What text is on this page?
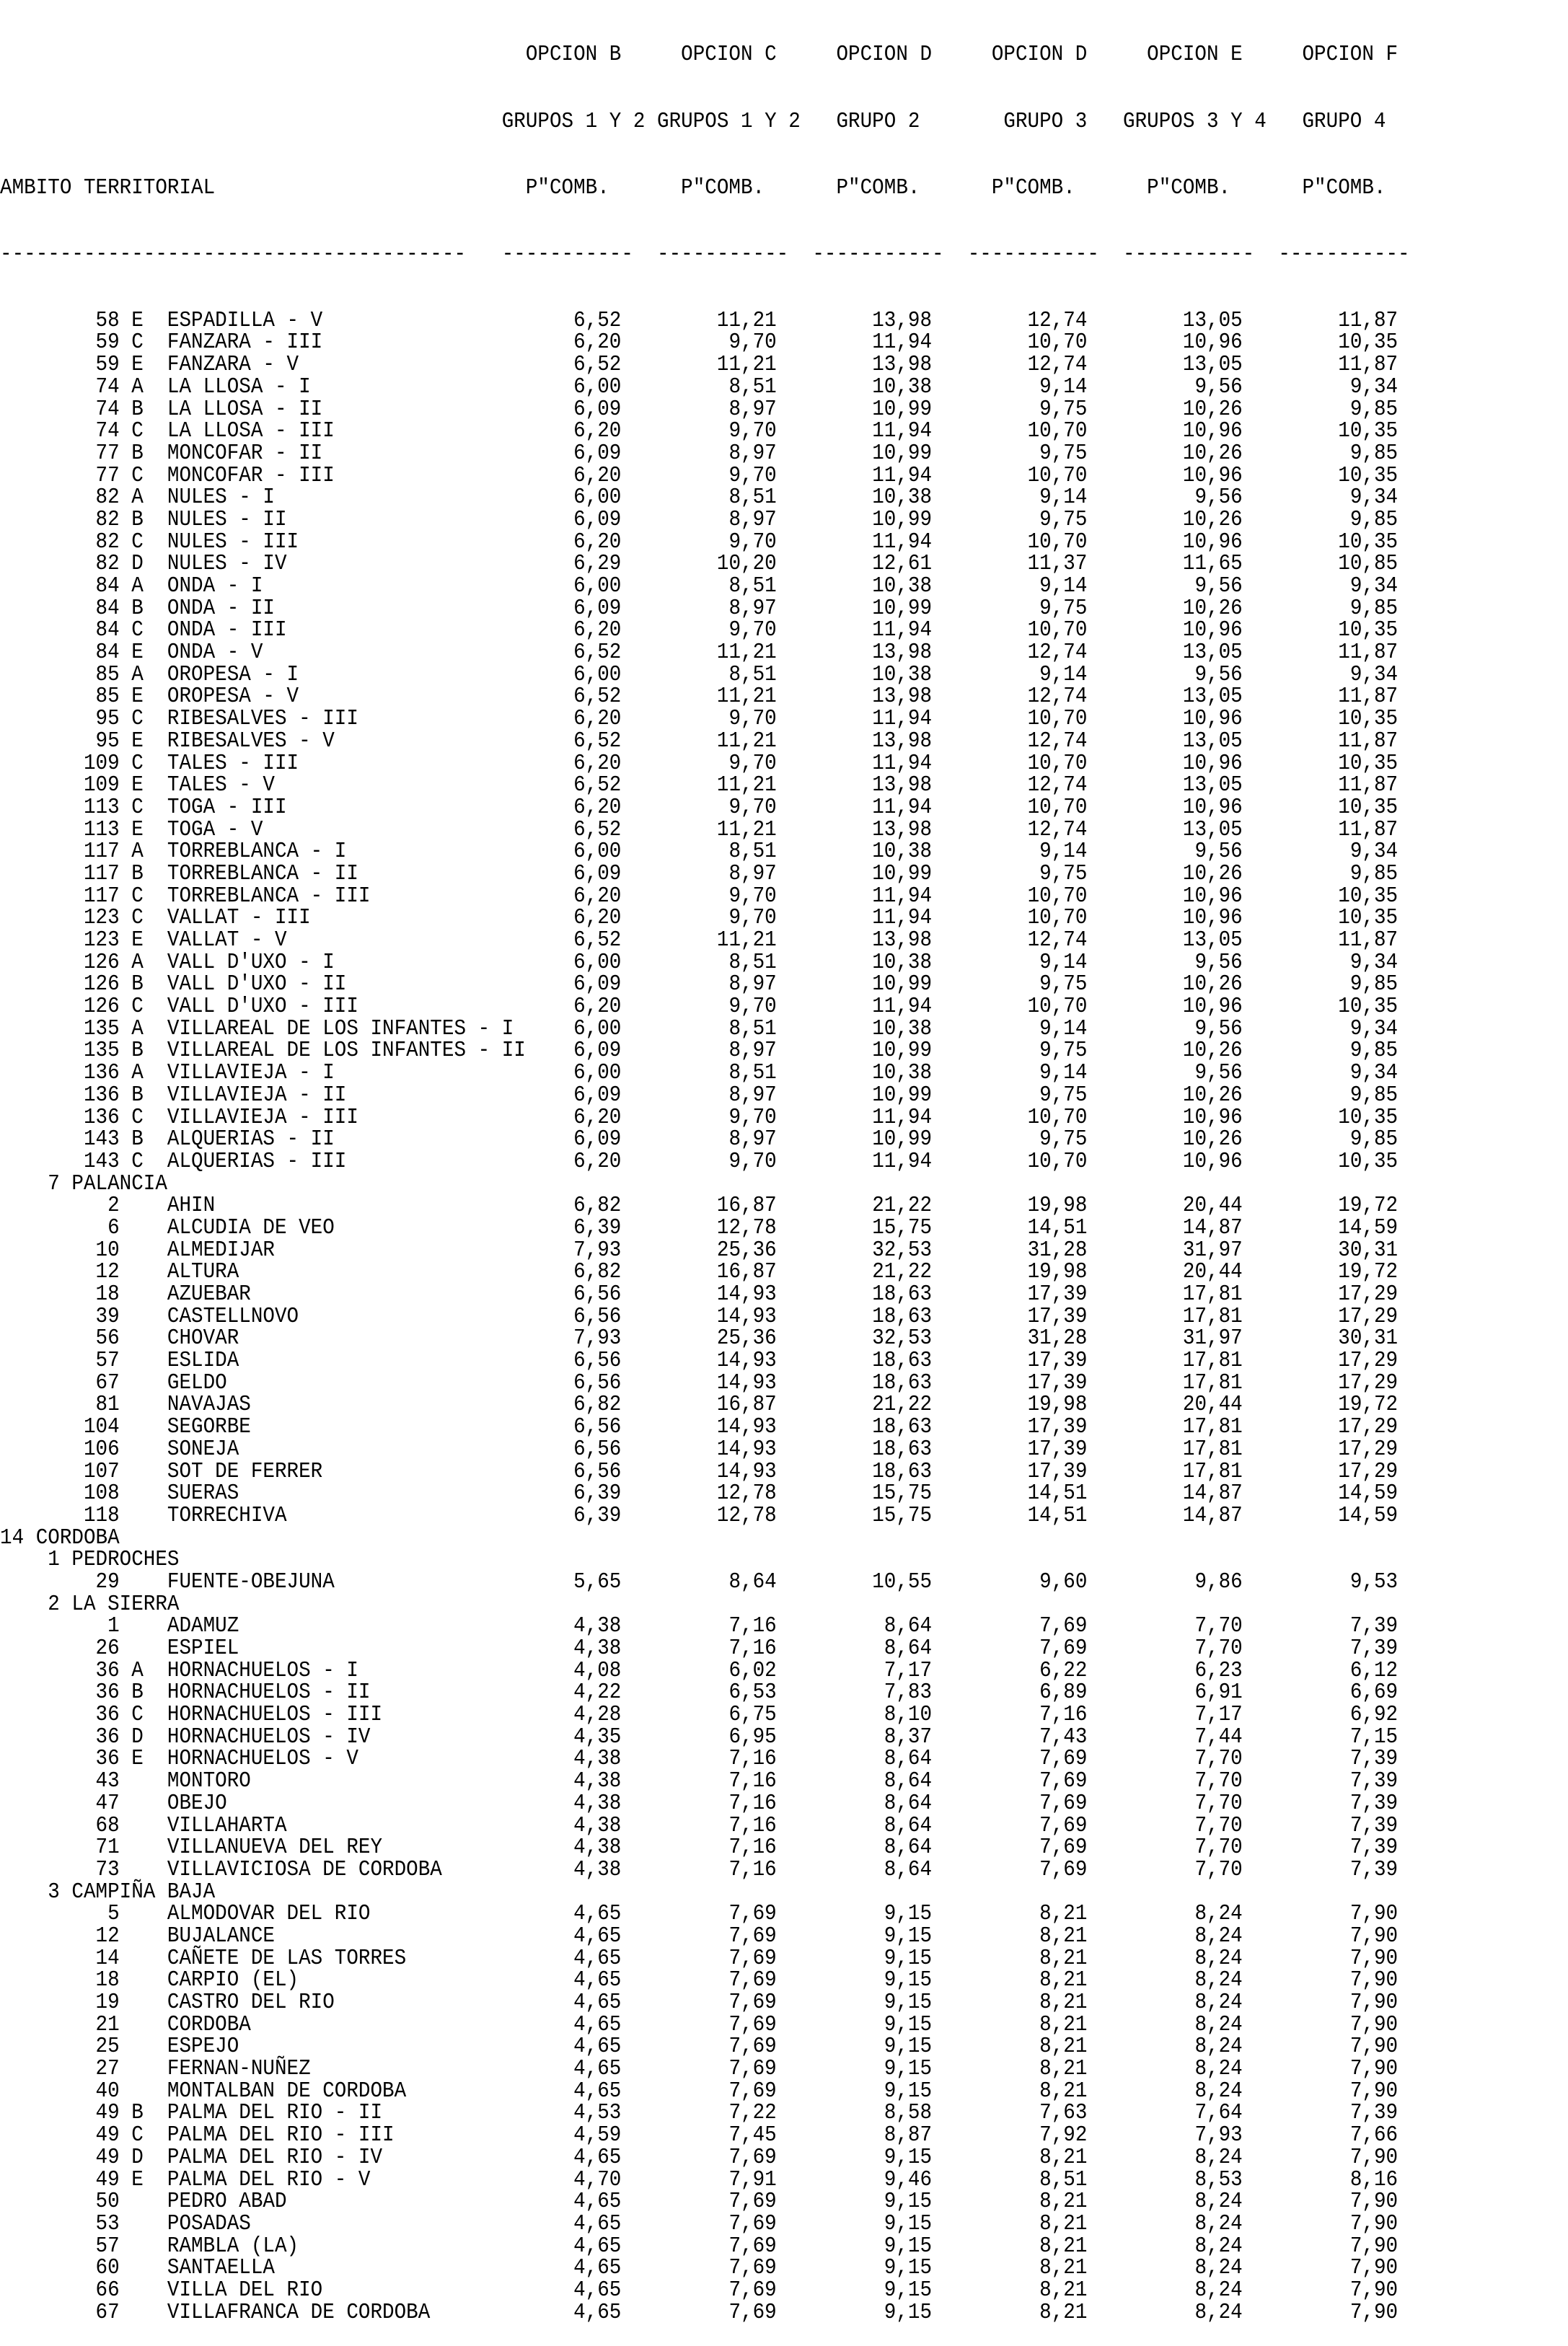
OPCION B     OPCION C     OPCION D     OPCION D     OPCION E     OPCION F

GRUPOS 1 Y 2 GRUPOS 1 Y 2   GRUPO 2       GRUPO 3   GRUPOS 3 Y 4   GRUPO 4

AMBITO TERRITORIAL                          P"COMB.      P"COMB.      P"COMB.      P"COMB.      P"COMB.      P"COMB.

---------------------------------------   -----------  -----------  -----------  -----------  -----------  -----------

58 E  ESPADILLA - V                     6,52        11,21        13,98        12,74        13,05        11,87
59 C  FANZARA - III                     6,20         9,70        11,94        10,70        10,96        10,35
59 E  FANZARA - V                       6,52        11,21        13,98        12,74        13,05        11,87
74 A  LA LLOSA - I                      6,00         8,51        10,38         9,14         9,56         9,34
74 B  LA LLOSA - II                     6,09         8,97        10,99         9,75        10,26         9,85
74 C  LA LLOSA - III                    6,20         9,70        11,94        10,70        10,96        10,35
77 B  MONCOFAR - II                     6,09         8,97        10,99         9,75        10,26         9,85
77 C  MONCOFAR - III                    6,20         9,70        11,94        10,70        10,96        10,35
82 A  NULES - I                         6,00         8,51        10,38         9,14         9,56         9,34
82 B  NULES - II                        6,09         8,97        10,99         9,75        10,26         9,85
82 C  NULES - III                       6,20         9,70        11,94        10,70        10,96        10,35
82 D  NULES - IV                        6,29        10,20        12,61        11,37        11,65        10,85
84 A  ONDA - I                          6,00         8,51        10,38         9,14         9,56         9,34
84 B  ONDA - II                         6,09         8,97        10,99         9,75        10,26         9,85
84 C  ONDA - III                        6,20         9,70        11,94        10,70        10,96        10,35
84 E  ONDA - V                          6,52        11,21        13,98        12,74        13,05        11,87
85 A  OROPESA - I                       6,00         8,51        10,38         9,14         9,56         9,34
85 E  OROPESA - V                       6,52        11,21        13,98        12,74        13,05        11,87
95 C  RIBESALVES - III                  6,20         9,70        11,94        10,70        10,96        10,35
95 E  RIBESALVES - V                    6,52        11,21        13,98        12,74        13,05        11,87
109 C  TALES - III                       6,20         9,70        11,94        10,70        10,96        10,35
109 E  TALES - V                         6,52        11,21        13,98        12,74        13,05        11,87
113 C  TOGA - III                        6,20         9,70        11,94        10,70        10,96        10,35
113 E  TOGA - V                          6,52        11,21        13,98        12,74        13,05        11,87
117 A  TORREBLANCA - I                   6,00         8,51        10,38         9,14         9,56         9,34
117 B  TORREBLANCA - II                  6,09         8,97        10,99         9,75        10,26         9,85
117 C  TORREBLANCA - III                 6,20         9,70        11,94        10,70        10,96        10,35
123 C  VALLAT - III                      6,20         9,70        11,94        10,70        10,96        10,35
123 E  VALLAT - V                        6,52        11,21        13,98        12,74        13,05        11,87
126 A  VALL D'UXO - I                    6,00         8,51        10,38         9,14         9,56         9,34
126 B  VALL D'UXO - II                   6,09         8,97        10,99         9,75        10,26         9,85
126 C  VALL D'UXO - III                  6,20         9,70        11,94        10,70        10,96        10,35
135 A  VILLAREAL DE LOS INFANTES - I     6,00         8,51        10,38         9,14         9,56         9,34
135 B  VILLAREAL DE LOS INFANTES - II    6,09         8,97        10,99         9,75        10,26         9,85
136 A  VILLAVIEJA - I                    6,00         8,51        10,38         9,14         9,56         9,34
136 B  VILLAVIEJA - II                   6,09         8,97        10,99         9,75        10,26         9,85
136 C  VILLAVIEJA - III                  6,20         9,70        11,94        10,70        10,96        10,35
143 B  ALQUERIAS - II                    6,09         8,97        10,99         9,75        10,26         9,85
143 C  ALQUERIAS - III                   6,20         9,70        11,94        10,70        10,96        10,35
7 PALANCIA
2    AHIN                              6,82        16,87        21,22        19,98        20,44        19,72
6    ALCUDIA DE VEO                    6,39        12,78        15,75        14,51        14,87        14,59
10    ALMEDIJAR                         7,93        25,36        32,53        31,28        31,97        30,31
12    ALTURA                            6,82        16,87        21,22        19,98        20,44        19,72
18    AZUEBAR                           6,56        14,93        18,63        17,39        17,81        17,29
39    CASTELLNOVO                       6,56        14,93        18,63        17,39        17,81        17,29
56    CHOVAR                            7,93        25,36        32,53        31,28        31,97        30,31
57    ESLIDA                            6,56        14,93        18,63        17,39        17,81        17,29
67    GELDO                             6,56        14,93        18,63        17,39        17,81        17,29
81    NAVAJAS                           6,82        16,87        21,22        19,98        20,44        19,72
104    SEGORBE                           6,56        14,93        18,63        17,39        17,81        17,29
106    SONEJA                            6,56        14,93        18,63        17,39        17,81        17,29
107    SOT DE FERRER                     6,56        14,93        18,63        17,39        17,81        17,29
108    SUERAS                            6,39        12,78        15,75        14,51        14,87        14,59
118    TORRECHIVA                        6,39        12,78        15,75        14,51        14,87        14,59
14 CORDOBA
1 PEDROCHES
29    FUENTE-OBEJUNA                    5,65         8,64        10,55         9,60         9,86         9,53
2 LA SIERRA
1    ADAMUZ                            4,38         7,16         8,64         7,69         7,70         7,39
26    ESPIEL                            4,38         7,16         8,64         7,69         7,70         7,39
36 A  HORNACHUELOS - I                  4,08         6,02         7,17         6,22         6,23         6,12
36 B  HORNACHUELOS - II                 4,22         6,53         7,83         6,89         6,91         6,69
36 C  HORNACHUELOS - III                4,28         6,75         8,10         7,16         7,17         6,92
36 D  HORNACHUELOS - IV                 4,35         6,95         8,37         7,43         7,44         7,15
36 E  HORNACHUELOS - V                  4,38         7,16         8,64         7,69         7,70         7,39
43    MONTORO                           4,38         7,16         8,64         7,69         7,70         7,39
47    OBEJO                             4,38         7,16         8,64         7,69         7,70         7,39
68    VILLAHARTA                        4,38         7,16         8,64         7,69         7,70         7,39
71    VILLANUEVA DEL REY                4,38         7,16         8,64         7,69         7,70         7,39
73    VILLAVICIOSA DE CORDOBA           4,38         7,16         8,64         7,69         7,70         7,39
3 CAMPIÑA BAJA
5    ALMODOVAR DEL RIO                 4,65         7,69         9,15         8,21         8,24         7,90
12    BUJALANCE                         4,65         7,69         9,15         8,21         8,24         7,90
14    CAÑETE DE LAS TORRES              4,65         7,69         9,15         8,21         8,24         7,90
18    CARPIO (EL)                       4,65         7,69         9,15         8,21         8,24         7,90
19    CASTRO DEL RIO                    4,65         7,69         9,15         8,21         8,24         7,90
21    CORDOBA                           4,65         7,69         9,15         8,21         8,24         7,90
25    ESPEJO                            4,65         7,69         9,15         8,21         8,24         7,90
27    FERNAN-NUÑEZ                      4,65         7,69         9,15         8,21         8,24         7,90
40    MONTALBAN DE CORDOBA              4,65         7,69         9,15         8,21         8,24         7,90
49 B  PALMA DEL RIO - II                4,53         7,22         8,58         7,63         7,64         7,39
49 C  PALMA DEL RIO - III               4,59         7,45         8,87         7,92         7,93         7,66
49 D  PALMA DEL RIO - IV                4,65         7,69         9,15         8,21         8,24         7,90
49 E  PALMA DEL RIO - V                 4,70         7,91         9,46         8,51         8,53         8,16
50    PEDRO ABAD                        4,65         7,69         9,15         8,21         8,24         7,90
53    POSADAS                           4,65         7,69         9,15         8,21         8,24         7,90
57    RAMBLA (LA)                       4,65         7,69         9,15         8,21         8,24         7,90
60    SANTAELLA                         4,65         7,69         9,15         8,21         8,24         7,90
66    VILLA DEL RIO                     4,65         7,69         9,15         8,21         8,24         7,90
67    VILLAFRANCA DE CORDOBA            4,65         7,69         9,15         8,21         8,24         7,90
